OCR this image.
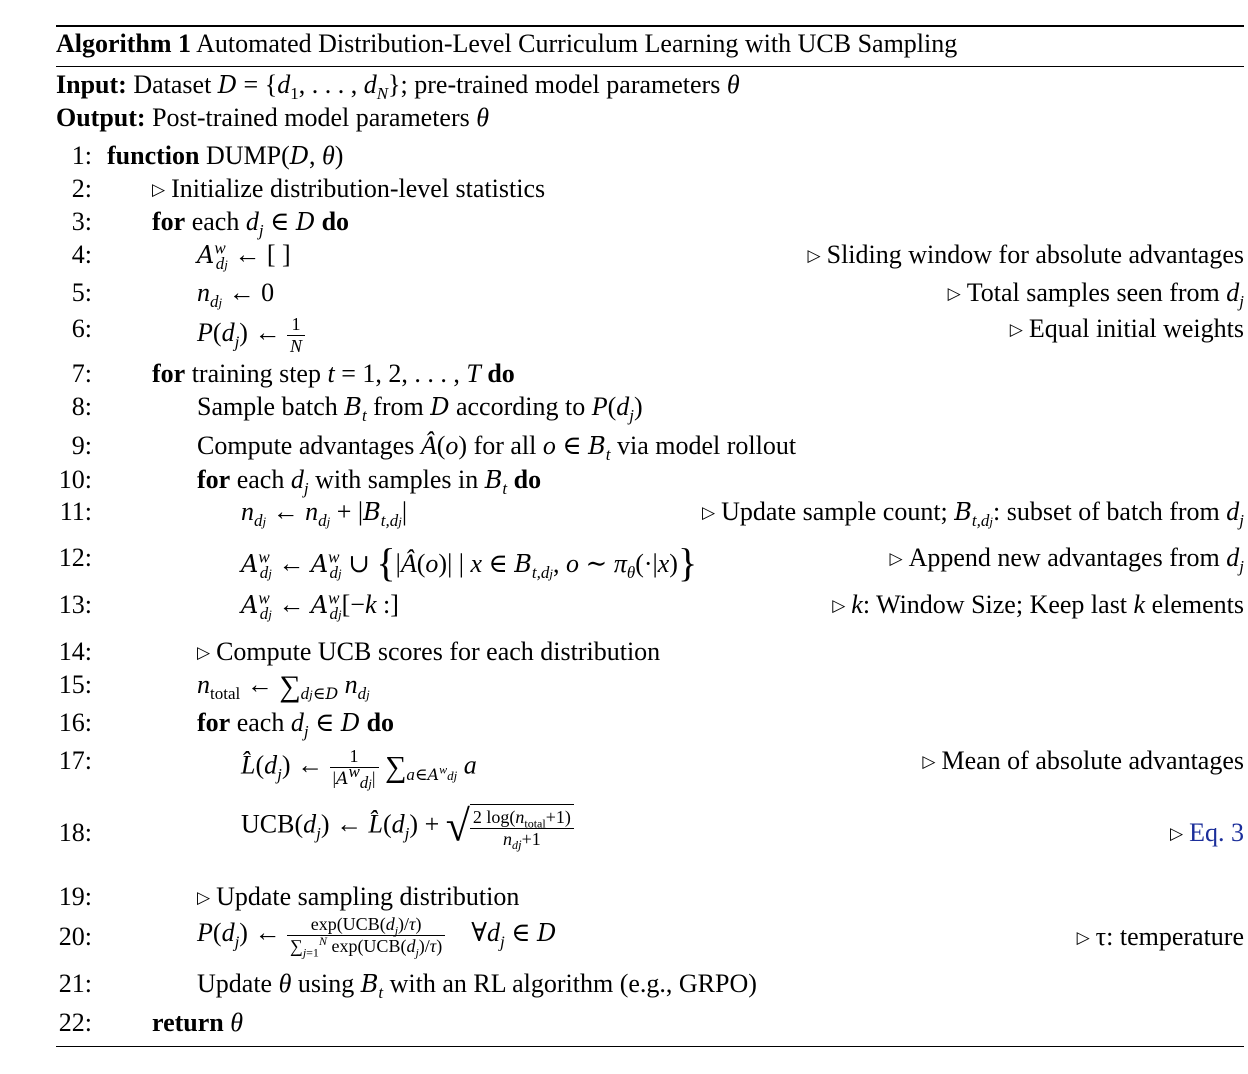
Algorithm 1 Automated Distribution-Level Curriculum Learning with UCB Sampling
Input: Dataset $D = \{d_1$, . . . , $d_N$}; pre-trained model parameters θ
Output: Post-trained model parameters θ
1: function DUMP(D, θ)
2:	▷ Initialize distribution-level statistics
3: for each $d_j$ ∈ D do
4:	$A^w_{dj}$ ← [ ]	▷ Sliding window for absolute advantages
5:	$n_{dj}$ ← 0	▷ Total samples seen from $d_j$
6:	$P(d_j)$ ← $\frac{1}{N}$	▷ Equal initial weights
7: for training step t = 1, 2, . . . , T do
8:	Sample batch $B_t$ from D according to $P(d_j)$
9:	Compute advantages Â(o) for all o ∈ $B_t$ via model rollout
10:	for each $d_j$ with samples in $B_t$ do
11:	$n_{dj}$ ← $n_{dj} + |B_{t,dj}|$	▷ Update sample count; $B_{t,dj}$: subset of batch from $d_j$
12:	$A^w_{dj}$ ← $A^w_{dj}$ ∪ {|Â(o)| | x ∈ $B_{t,dj}$, o ∼ $\pi_\theta(\cdot|x)$}	▷ Append new advantages from $d_j$
13:	$A^w_{dj}$ ← $A^w_{dj}[-k$ :]	▷ k: Window Size; Keep last k elements
14:	▷ Compute UCB scores for each distribution
15:	$n_{total}$ ← $\sum_{dj\in D}$ $n_{dj}$
16:	for each $d_j$ ∈ D do
17:	$L̂(d_j)$ ← $\frac{1}{|A^w_{dj}|} \sum_{a\in A^wdj}$ a	▷ Mean of absolute advantages
18:	$UCB(d_j)$ ← $L̂(d_j)$ + √ $\frac{2 \log(n_{total}+1)}{n_{dj}+1}$	▷ Eq. 3
19:	▷ Update sampling distribution
20:	$P(d_j)$ ← $\frac{\exp(UCB(d_j)/\tau)}{\sum_{j=1}^N \exp(UCB(d_j)/\tau)}$ $\forall d_j$ ∈ D	▷ τ: temperature
21:	Update θ using $B_t$ with an RL algorithm (e.g., GRPO)
22: return θ
